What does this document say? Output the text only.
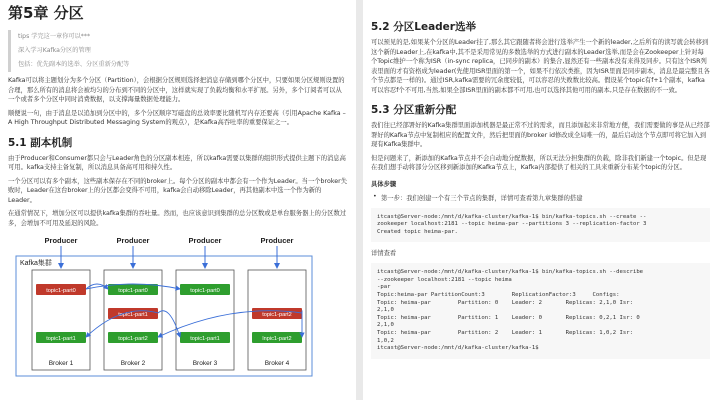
第5章 分区
tips 学完这一章你可以***
深入学习Kafka分区的管理
包括：优先副本的选举、分区重新分配等

Kafka可以将主题划分为多个分区（Partition），会根据分区规则选择把消息存储到哪个分区中，只要如果分区规则设置的合理，那么所有的消息将会被均匀的分布到不同的分区中，这样就实现了负载均衡和水平扩展。另外，多个订阅者可以从一个或者多个分区中同时消费数据，以支撑海量数据处理能力。

顺便说一句，由于消息是以追加到分区中的，多个分区顺序写磁盘的总效率要比随机写内存还要高（引用Apache Kafka – A High Throughput Distributed Messaging System的观点），是Kafka高吞吐率的重要保证之一。

5.1 副本机制

由于Producer和Consumer都只会与Leader角色的分区副本相连，所以kafka需要以集群的组织形式提供主题下的消息高可用。kafka支持主备复制，所以消息具备高可用和持久性。

一个分区可以有多个副本，这些副本保存在不同的broker上。每个分区的副本中都会有一个作为Leader。当一个broker失败时，Leader在这台broker上的分区都会变得不可用，kafka会自动移除Leader，再其他副本中选一个作为新的Leader。

在通常情况下，增加分区可以提供kafka集群的吞吐量。然而，也应该意识到集群的总分区数或是单台服务器上的分区数过多，会增加不可用及延迟的风险。

Kafka集群
Broker 1
Producer
topic1-part0
topic1-part1
Broker 2
Producer
topic1-part0
topic1-part1
topic1-part2
Broker 3
Producer
topic1-part0
topic1-part1
Broker 4
Producer
topic1-part2
lnpic1-part2
5.2 分区Leader选举

可以预见的是,如果某个分区的Leader挂了,那么其它跟随者将会进行选举产生一个新的leader,之后所有的读写就会转移到这个新的Leader上,在kafka中,其不是采用常见的多数选举的方式进行副本的Leader选举,而是会在Zookeeper上针对每个Topic维护一个称为ISR（in-sync replica，已同步的副本）的集合,显然还有一些副本没有来得及同步。只有这个ISR列表里面的才有资格成为leader(先使用ISR里面的第一个，如果不行依次类推，因为ISR里面是同步副本，消息是最完整且各个节点都是一样的)。通过ISR,kafka需要的冗余度较低，可以容忍的失败数比较高。假设某个topic有f+1个副本，kafka可以容忍f个不可用,当然,如果全部ISR里面的副本都不可用,也可以选择其他可用的副本,只是存在数据的不一致。

5.3 分区重新分配

我们往已经部署好的Kafka集群里面添加机器是最正常不过的需求，而且添加起来非常地方便，我们需要做的事是从已经部署好的Kafka节点中复制相应的配置文件，然后把里面的broker id修改成全局唯一的，最后启动这个节点即可将它加入到现有Kafka集群中。

但是问题来了，新添加的Kafka节点并不会自动地分配数据，所以无法分担集群的负载，除非我们新建一个topic。但是现在我们想手动将部分分区移到新添加的Kafka节点上，Kafka内部提供了相关的工具来重新分布某个topic的分区。

具体步骤
• 第一步：我们创建一个有三个节点的集群，详情可查看第九章集群的搭建
itcast@Server-node:/mnt/d/kafka-cluster/kafka-1$ bin/kafka-topics.sh --create --
zookeeper localhost:2181 --topic heima-par --partitions 3 --replication-factor 3
Created topic heima-par.
详情查看
itcast@Server-node:/mnt/d/kafka-cluster/kafka-1$ bin/kafka-topics.sh --describe
--zookeeper localhost:2181 --topic heima
-par
Topic:heima-par PartitionCount:3        ReplicationFactor:3     Configs:
Topic: heima-par        Partition: 0    Leader: 2       Replicas: 2,1,0 Isr:
2,1,0
Topic: heima-par        Partition: 1    Leader: 0       Replicas: 0,2,1 Isr: 0
2,1,0
Topic: heima-par        Partition: 2    Leader: 1       Replicas: 1,0,2 Isr:
1,0,2
itcast@Server-node:/mnt/d/kafka-cluster/kafka-1$
